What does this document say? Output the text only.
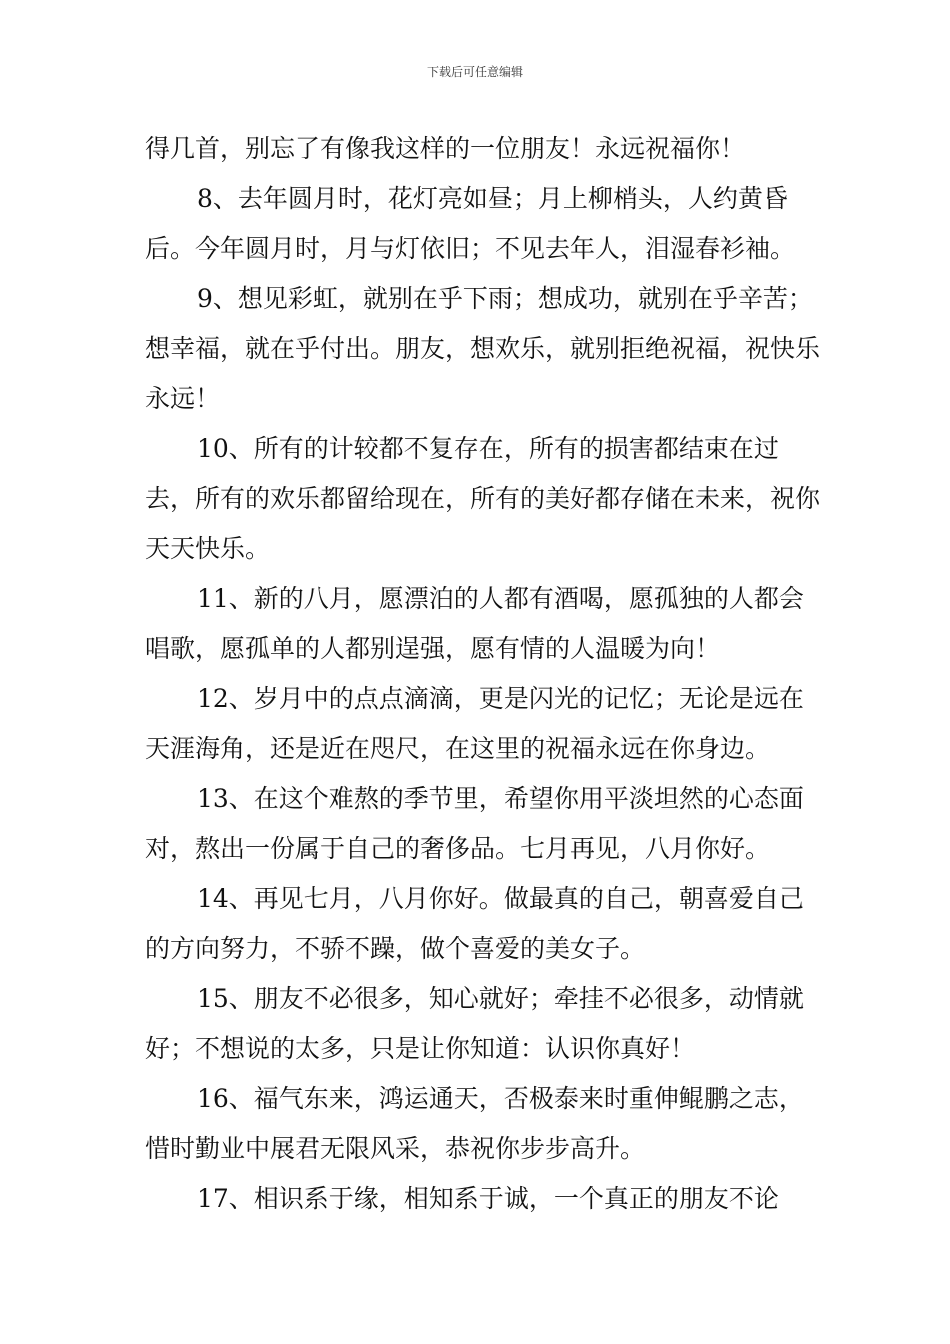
下载后可任意编辑

得几首，别忘了有像我这样的一位朋友！永远祝福你！

8、去年圆月时，花灯亮如昼；月上柳梢头，人约黄昏后。今年圆月时，月与灯依旧；不见去年人，泪湿春衫袖。

9、想见彩虹，就别在乎下雨；想成功，就别在乎辛苦；想幸福，就在乎付出。朋友，想欢乐，就别拒绝祝福，祝快乐永远！

10、所有的计较都不复存在，所有的损害都结束在过去，所有的欢乐都留给现在，所有的美好都存储在未来，祝你天天快乐。

11、新的八月，愿漂泊的人都有酒喝，愿孤独的人都会唱歌，愿孤单的人都别逞强，愿有情的人温暖为向！

12、岁月中的点点滴滴，更是闪光的记忆；无论是远在天涯海角，还是近在咫尺，在这里的祝福永远在你身边。

13、在这个难熬的季节里，希望你用平淡坦然的心态面对，熬出一份属于自己的奢侈品。七月再见，八月你好。

14、再见七月，八月你好。做最真的自己，朝喜爱自己的方向努力，不骄不躁，做个喜爱的美女子。

15、朋友不必很多，知心就好；牵挂不必很多，动情就好；不想说的太多，只是让你知道：认识你真好！

16、福气东来，鸿运通天，否极泰来时重伸鲲鹏之志，惜时勤业中展君无限风采，恭祝你步步高升。

17、相识系于缘，相知系于诚，一个真正的朋友不论
